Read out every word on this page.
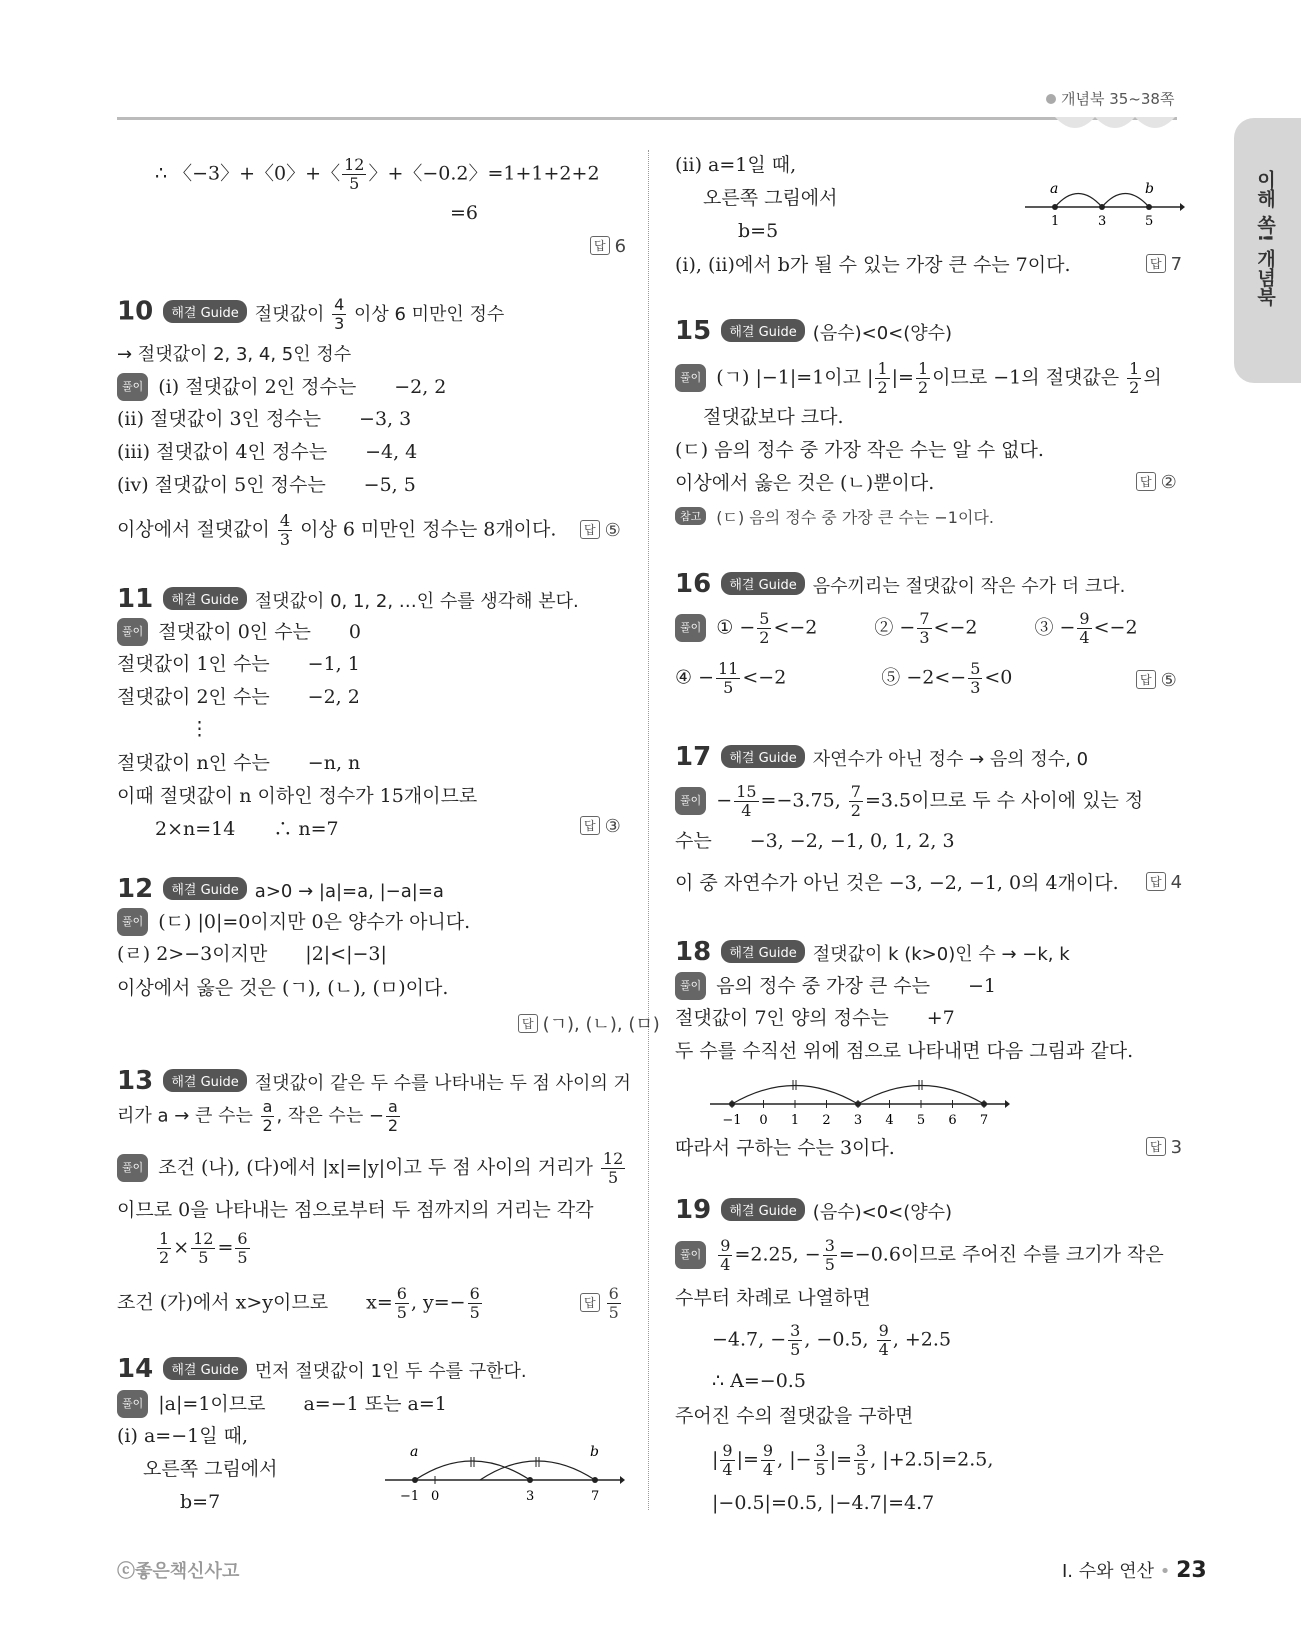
개념북 35~38쪽
이해 쏙! 개념북
∴ 〈−3〉+〈0〉+〈 $\frac{12}{5}$ 〉+〈−0.2〉=1+1+2+2
=6
답 6
10 해결 Guide 절댓값이 $\frac{4}{3}$ 이상 6 미만인 정수
→ 절댓값이 2, 3, 4, 5인 정수
풀이 (ⅰ) 절댓값이 2인 정수는　　−2, 2
(ⅱ) 절댓값이 3인 정수는　　−3, 3
(ⅲ) 절댓값이 4인 정수는　　−4, 4
(ⅳ) 절댓값이 5인 정수는　　−5, 5
이상에서 절댓값이 $\frac{4}{3}$ 이상 6 미만인 정수는 8개이다.	답 ⑤
11 해결 Guide 절댓값이 0, 1, 2, …인 수를 생각해 본다.
풀이 절댓값이 0인 수는　　0
절댓값이 1인 수는　　−1, 1
절댓값이 2인 수는　　−2, 2
⋮
절댓값이 n인 수는　　−n, n
이때 절댓값이 n 이하인 정수가 15개이므로
2×n=14　　∴ n=7	답 ③
12 해결 Guide a>0 → |a|=a, |−a|=a
풀이 (ㄷ) |0|=0이지만 0은 양수가 아니다.
(ㄹ) 2>−3이지만　　|2|<|−3|
이상에서 옳은 것은 (ㄱ), (ㄴ), (ㅁ)이다.
답 (ㄱ), (ㄴ), (ㅁ)
13 해결 Guide 절댓값이 같은 두 수를 나타내는 두 점 사이의 거
리가 a → 큰 수는 $\frac{a}{2}$ , 작은 수는 − $\frac{a}{2}$
풀이 조건 (나), (다)에서 |x|=|y|이고 두 점 사이의 거리가 $\frac{12}{5}$
이므로 0을 나타내는 점으로부터 두 점까지의 거리는 각각
$\frac{1}{2} \times \frac{12}{5} = \frac{6}{5}$
조건 (가)에서 x>y이므로　　$x= \frac{6}{5}$ , $y=- \frac{6}{5}$	답 $\frac{6}{5}$
14 해결 Guide 먼저 절댓값이 1인 두 수를 구한다.
풀이 |a|=1이므로　　a=−1 또는 a=1
(ⅰ) a=−1일 때,
오른쪽 그림에서
b=7
a	b
−1 0	3	7
(ⅱ) a=1일 때,
오른쪽 그림에서
b=5
a	b
1	3	5
(ⅰ), (ⅱ)에서 b가 될 수 있는 가장 큰 수는 7이다.	답 7
15 해결 Guide (음수)<0<(양수)
풀이 (ㄱ) |−1|=1이고 | $\frac{1}{2}$ |= $\frac{1}{2}$ 이므로 −1의 절댓값은 $\frac{1}{2}$ 의
절댓값보다 크다.
(ㄷ) 음의 정수 중 가장 작은 수는 알 수 없다.
이상에서 옳은 것은 (ㄴ)뿐이다.	답 ②
참고 (ㄷ) 음의 정수 중 가장 큰 수는 −1이다.
16 해결 Guide 음수끼리는 절댓값이 작은 수가 더 크다.
풀이 ① − $\frac{5}{2} <-2$　　　② − $\frac{7}{3} <-2$　　　③ − $\frac{9}{4} <-2$
④ − $\frac{11}{5} <-2$　　　　　⑤ $-2<- \frac{5}{3} <0$	답 ⑤
17 해결 Guide 자연수가 아닌 정수 → 음의 정수, 0
풀이 − $\frac{15}{4} =-3.75$, $\frac{7}{2} =3.5$이므로 두 수 사이에 있는 정
수는　　−3, −2, −1, 0, 1, 2, 3
이 중 자연수가 아닌 것은 −3, −2, −1, 0의 4개이다.	답 4
18 해결 Guide 절댓값이 k (k>0)인 수 → −k, k
풀이 음의 정수 중 가장 큰 수는　　−1
절댓값이 7인 양의 정수는　　+7
두 수를 수직선 위에 점으로 나타내면 다음 그림과 같다.
−1 0 1 2 3 4 5 6 7
따라서 구하는 수는 3이다.	답 3
19 해결 Guide (음수)<0<(양수)
풀이 $\frac{9}{4} =2.25$, − $\frac{3}{5} =-0.6$이므로 주어진 수를 크기가 작은
수부터 차례로 나열하면
−4.7, − $\frac{3}{5}$ , −0.5, $\frac{9}{4}$ , +2.5
∴ A=−0.5
주어진 수의 절댓값을 구하면
| $\frac{9}{4}$ |= $\frac{9}{4}$ , |− $\frac{3}{5}$ |= $\frac{3}{5}$ , |+2.5|=2.5,
|−0.5|=0.5, |−4.7|=4.7
ⓒ좋은책신사고	Ⅰ. 수와 연산 • 23
